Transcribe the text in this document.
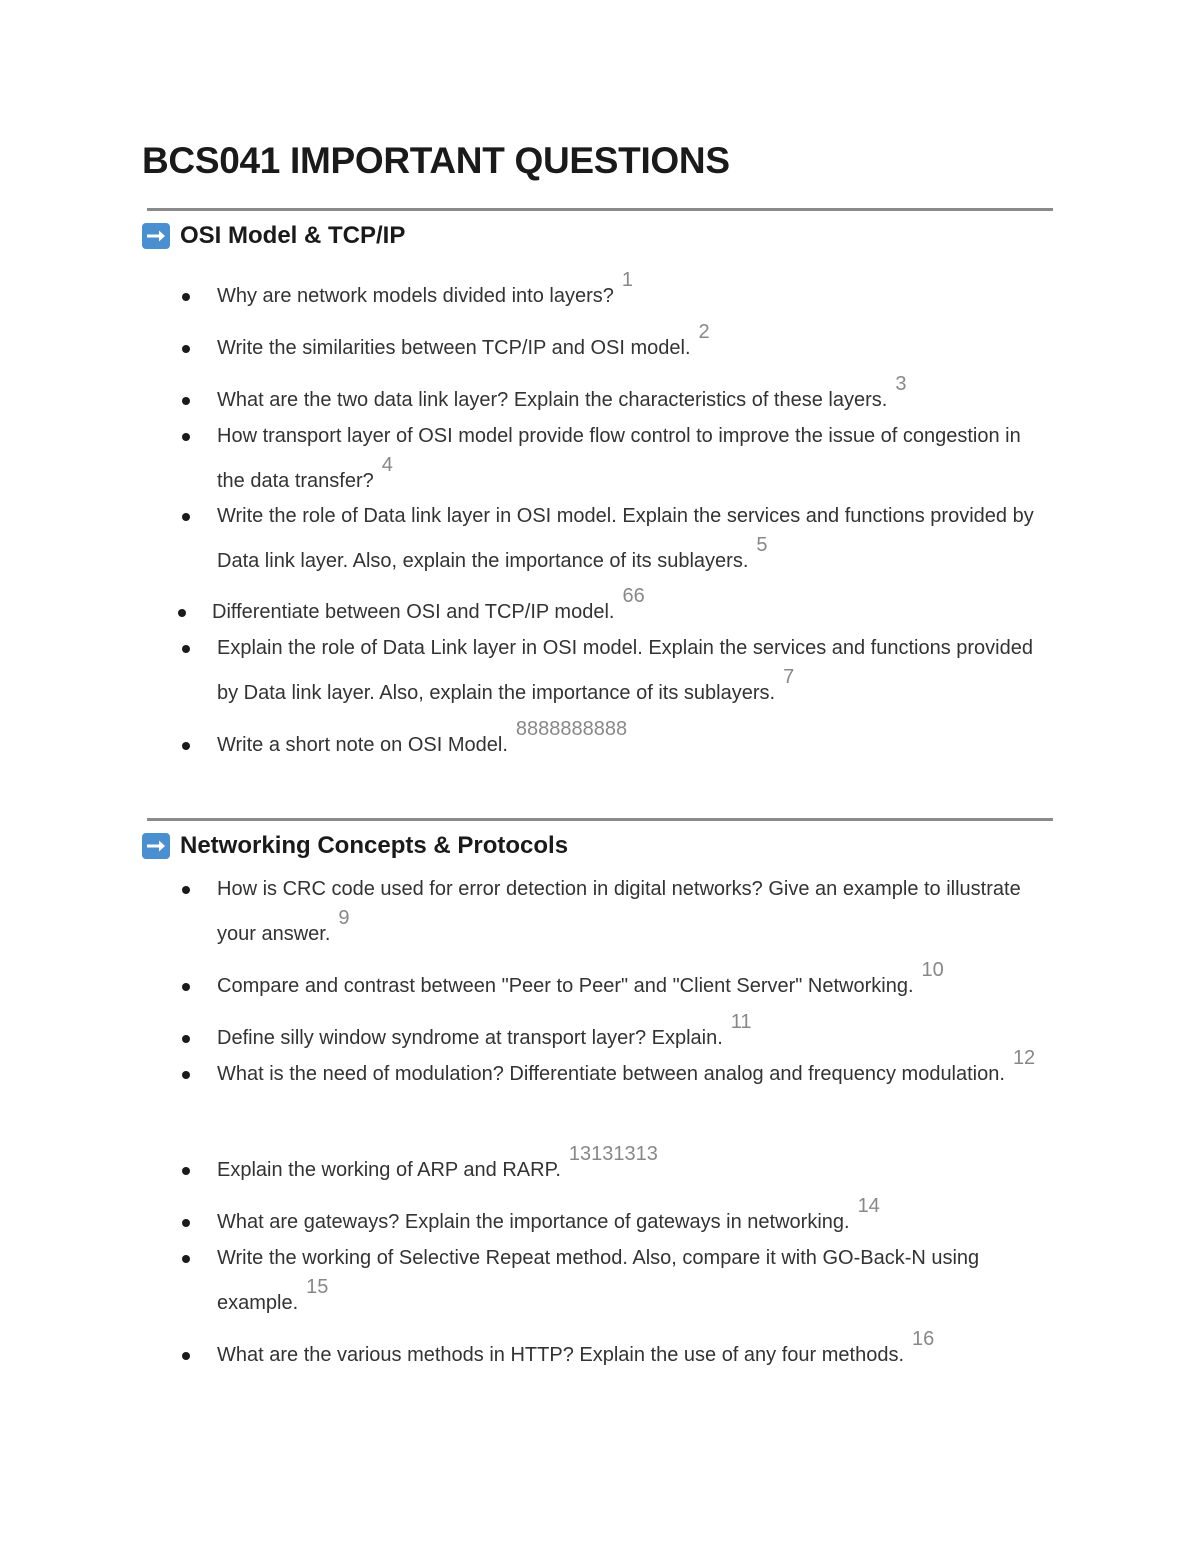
BCS041 IMPORTANT QUESTIONS
OSI Model & TCP/IP
Why are network models divided into layers?1
Write the similarities between TCP/IP and OSI model.2
What are the two data link layer? Explain the characteristics of these layers.3
How transport layer of OSI model provide flow control to improve the issue of congestion in the data transfer?4
Write the role of Data link layer in OSI model. Explain the services and functions provided by Data link layer. Also, explain the importance of its sublayers.5
Differentiate between OSI and TCP/IP model.66
Explain the role of Data Link layer in OSI model. Explain the services and functions provided by Data link layer. Also, explain the importance of its sublayers.7
Write a short note on OSI Model.8888888888
Networking Concepts & Protocols
How is CRC code used for error detection in digital networks? Give an example to illustrate your answer.9
Compare and contrast between "Peer to Peer" and "Client Server" Networking.10
Define silly window syndrome at transport layer? Explain.11
What is the need of modulation? Differentiate between analog and frequency modulation.12
Explain the working of ARP and RARP.13131313
What are gateways? Explain the importance of gateways in networking.14
Write the working of Selective Repeat method. Also, compare it with GO-Back-N using example.15
What are the various methods in HTTP? Explain the use of any four methods.16
